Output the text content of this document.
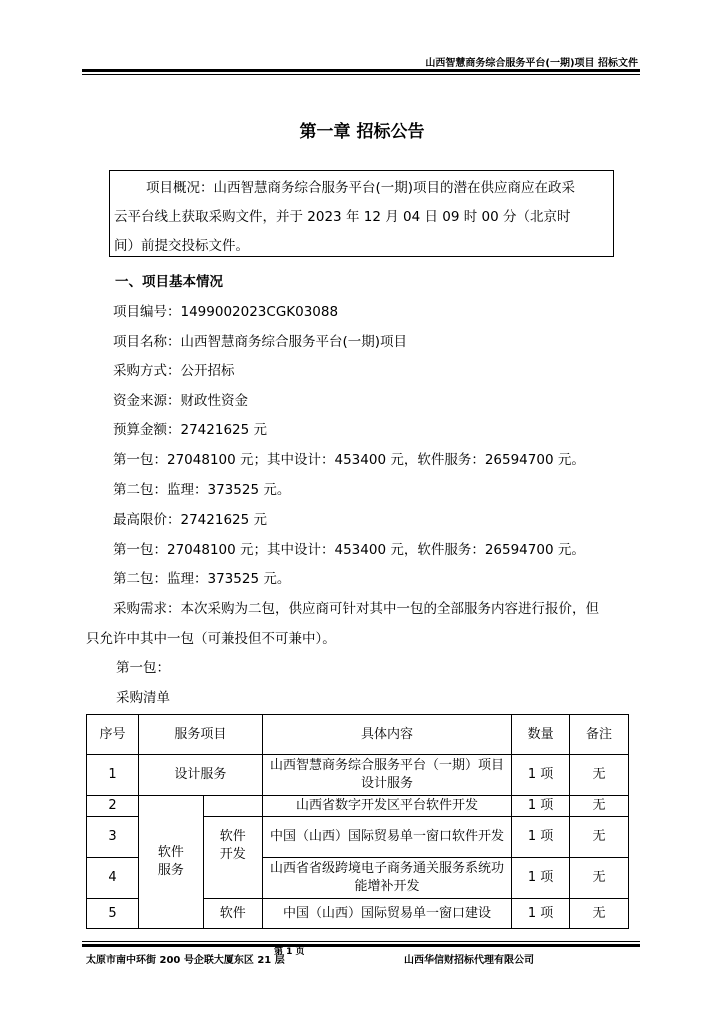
山西智慧商务综合服务平台(一期)项目 招标文件
第一章 招标公告
项目概况：山西智慧商务综合服务平台(一期)项目的潜在供应商应在政采
云平台线上获取采购文件，并于 2023 年 12 月 04 日 09 时 00 分（北京时
间）前提交投标文件。
一、项目基本情况
项目编号：1499002023CGK03088
项目名称：山西智慧商务综合服务平台(一期)项目
采购方式：公开招标
资金来源：财政性资金
预算金额：27421625 元
第一包：27048100 元；其中设计：453400 元，软件服务：26594700 元。
第二包：监理：373525 元。
最高限价：27421625 元
第一包：27048100 元；其中设计：453400 元，软件服务：26594700 元。
第二包：监理：373525 元。
采购需求：本次采购为二包，供应商可针对其中一包的全部服务内容进行报价，但
只允许中其中一包（可兼投但不可兼中）。
第一包：
采购清单
序号	服务项目		具体内容	数量	备注
1	设计服务		山西智慧商务综合服务平台（一期）项目设计服务	1 项	无
2	软件服务		山西省数字开发区平台软件开发	1 项	无
3		软件开发	中国（山西）国际贸易单一窗口软件开发	1 项	无
4			山西省省级跨境电子商务通关服务系统功能增补开发	1 项	无
5		软件	中国（山西）国际贸易单一窗口建设	1 项	无
太原市南中环街 200 号企联大厦东区 21 层
第 1 页
山西华信财招标代理有限公司
